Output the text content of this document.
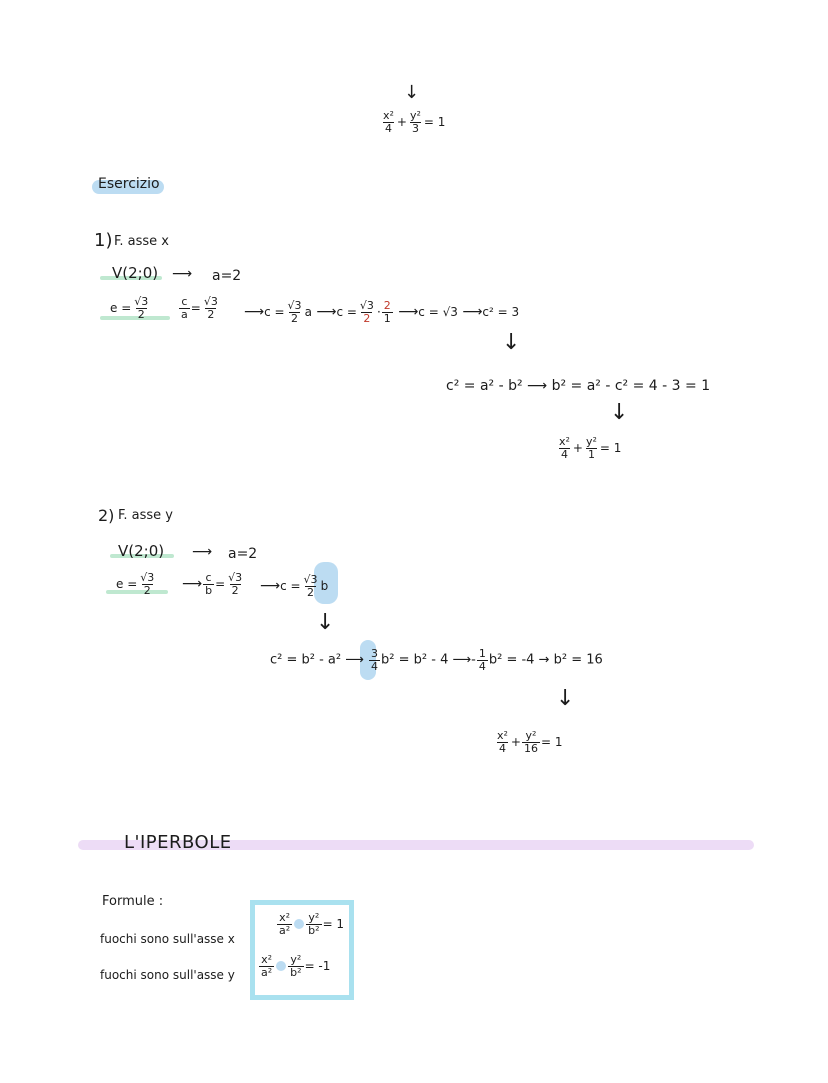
↓
$\frac{\text{x²}}{4} + \frac{\text{y²}}{3} = 1$
Esercizio
1) F. asse x
V(2;0) ⟶ a=2
$e = \frac{√3}{2}$	$\frac{c}{a} = \frac{√3}{2}$ ⟶c = $\frac{√3}{2}$ a ⟶c = $\frac{√3}{2} \cdot \frac{2}{1}$ ⟶c = √3 ⟶c² = 3
↓
c² = a² - b² ⟶ b² = a² - c² = 4 - 3 = 1
↓
$\frac{\text{x²}}{4} + \frac{\text{y²}}{1} = 1$
2) F. asse y
V(2;0) ⟶ a=2
$e = \frac{√3}{2}$ ⟶ $\frac{c}{b} = \frac{√3}{2}$ ⟶c = $\frac{√3}{2}$ b
↓
c² = b² - a² ⟶ $\frac{3}{4} b^2 = b^2 - 4$ ⟶- $\frac{1}{4} b^2 = -4 \to b^2 = 16$
↓
$\frac{\text{x²}}{4} + \frac{\text{y²}}{16} = 1$
L'IPERBOLE
Formule :
fuochi sono sull'asse x
fuochi sono sull'asse y
$\frac{\text{x²}}{\text{a²}} \frac{\text{y²}}{\text{b²}} = 1$
$\frac{\text{x²}}{\text{a²}} \frac{\text{y²}}{\text{b²}} = -1$
